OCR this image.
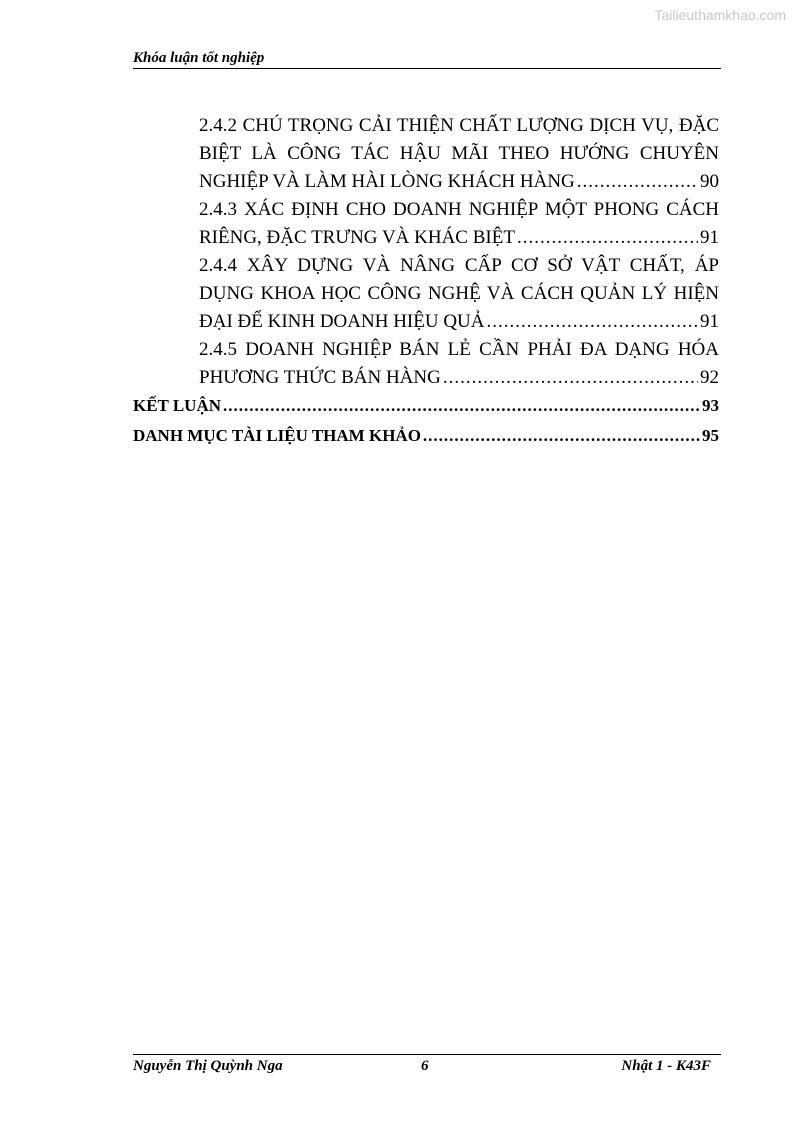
Tailieuthamkhao.com
Khóa luận tốt nghiệp
2.4.2 CHÚ TRỌNG CẢI THIỆN CHẤT LƯỢNG DỊCH VỤ, ĐẶC
BIỆT LÀ CÔNG TÁC HẬU MÃI THEO HƯỚNG CHUYÊN
NGHIỆP VÀ LÀM HÀI LÒNG KHÁCH HÀNG .....	90
2.4.3 XÁC ĐỊNH CHO DOANH NGHIỆP MỘT PHONG CÁCH
RIÊNG, ĐẶC TRƯNG VÀ KHÁC BIỆT .....	91
2.4.4 XÂY DỰNG VÀ NÂNG CẤP CƠ SỞ VẬT CHẤT, ÁP
DỤNG KHOA HỌC CÔNG NGHỆ VÀ CÁCH QUẢN LÝ HIỆN
ĐẠI ĐỂ KINH DOANH HIỆU QUẢ .....	91
2.4.5 DOANH NGHIỆP BÁN LẺ CẦN PHẢI ĐA DẠNG HÓA
PHƯƠNG THỨC BÁN HÀNG .....	92
KẾT LUẬN .....	93
DANH MỤC TÀI LIỆU THAM KHẢO .....	95
Nguyễn Thị Quỳnh Nga	6	Nhật 1 - K43F
